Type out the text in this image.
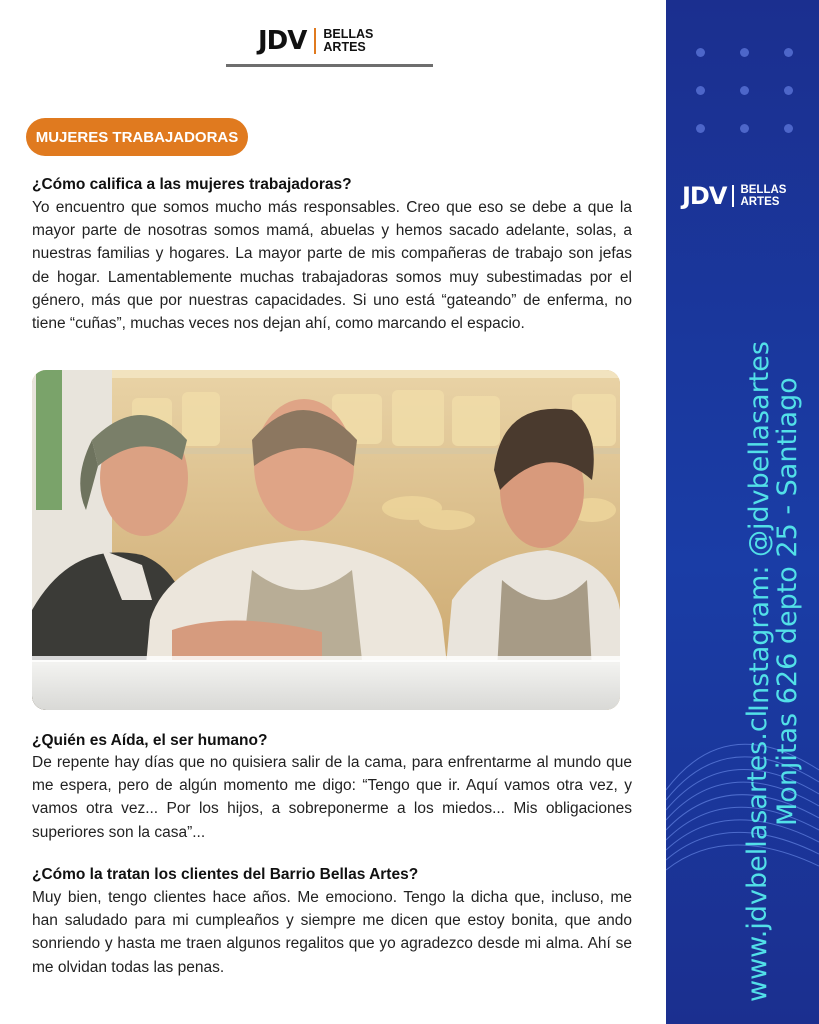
JDV BELLAS
ARTES
MUJERES TRABAJADORAS

¿Cómo califica a las mujeres trabajadoras?

Yo encuentro que somos mucho más responsables. Creo que eso se debe a que la mayor parte de nosotras somos mamá, abuelas y hemos sacado adelante, solas, a nuestras familias y hogares. La mayor parte de mis compañeras de trabajo son jefas de hogar. Lamentablemente muchas trabajadoras somos muy subestimadas por el género, más que por nuestras capacidades. Si uno está “gateando” de enferma, no tiene “cuñas”, muchas veces nos dejan ahí, como marcando el espacio.

¿Quién es Aída, el ser humano?

De repente hay días que no quisiera salir de la cama, para enfrentarme al mundo que me espera, pero de algún momento me digo: “Tengo que ir. Aquí vamos otra vez, y vamos otra vez... Por los hijos, a sobreponerme a los miedos... Mis obligaciones superiores son la casa”...

¿Cómo la tratan los clientes del Barrio Bellas Artes?

Muy bien, tengo clientes hace años. Me emociono. Tengo la dicha que, incluso, me han saludado para mi cumpleaños y siempre me dicen que estoy bonita, que ando sonriendo y hasta me traen algunos regalitos que yo agradezco desde mi alma. Ahí se me olvidan todas las penas.

JDV BELLAS
ARTES
www.jdvbellasartes.cl
Instagram: @jdvbellasartes
Monjitas 626 depto 25 - Santiago
